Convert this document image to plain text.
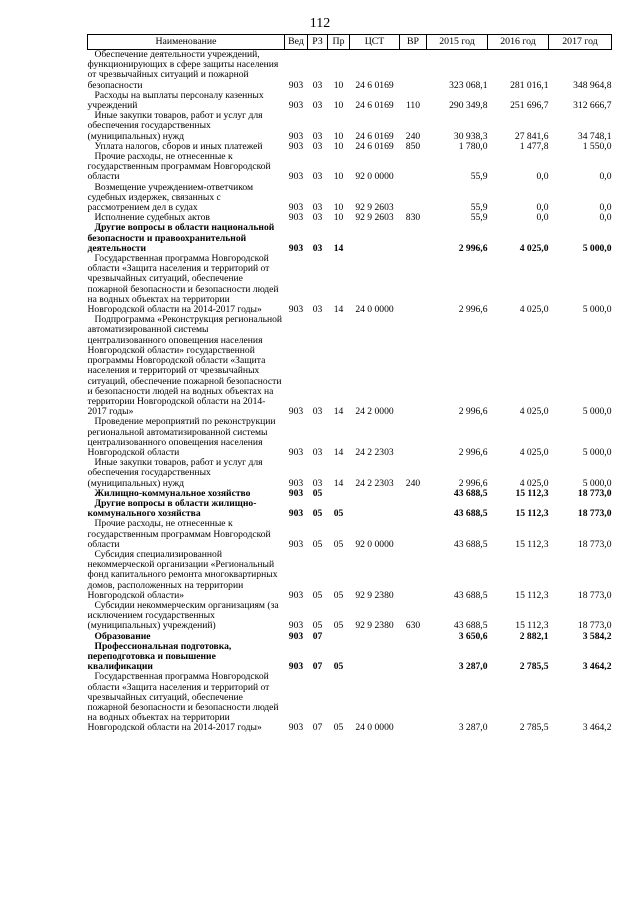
112
Наименование	Вед	РЗ	Пр	ЦСТ	ВР	2015 год	2016 год	2017 год
Обеспечение деятельности учреждений, функционирующих в сфере защиты населения от чрезвычайных ситуаций и пожарной безопасности	903	03	10	24 6 0169		323 068,1	281 016,1	348 964,8
Расходы на выплаты персоналу казенных учреждений	903	03	10	24 6 0169	110	290 349,8	251 696,7	312 666,7
Иные закупки товаров, работ и услуг для обеспечения государственных (муниципальных) нужд	903	03	10	24 6 0169	240	30 938,3	27 841,6	34 748,1
Уплата налогов, сборов и иных платежей	903	03	10	24 6 0169	850	1 780,0	1 477,8	1 550,0
Прочие расходы, не отнесенные к государственным программам Новгородской области	903	03	10	92 0 0000		55,9	0,0	0,0
Возмещение учреждением-ответчиком судебных издержек, связанных с рассмотрением дел в судах	903	03	10	92 9 2603		55,9	0,0	0,0
Исполнение судебных актов	903	03	10	92 9 2603	830	55,9	0,0	0,0
Другие вопросы в области национальной безопасности и правоохранительной деятельности	903	03	14			2 996,6	4 025,0	5 000,0
Государственная программа Новгородской области «Защита населения и территорий от чрезвычайных ситуаций, обеспечение пожарной безопасности и безопасности людей на водных объектах на территории Новгородской области на 2014-2017 годы»	903	03	14	24 0 0000		2 996,6	4 025,0	5 000,0
Подпрограмма «Реконструкция региональной автоматизированной системы централизованного оповещения населения Новгородской области» государственной программы Новгородской области «Защита населения и территорий от чрезвычайных ситуаций, обеспечение пожарной безопасности и безопасности людей на водных объектах на территории Новгородской области на 2014-2017 годы»	903	03	14	24 2 0000		2 996,6	4 025,0	5 000,0
Проведение мероприятий по реконструкции региональной автоматизированной системы централизованного оповещения населения Новгородской области	903	03	14	24 2 2303		2 996,6	4 025,0	5 000,0
Иные закупки товаров, работ и услуг для обеспечения государственных (муниципальных) нужд	903	03	14	24 2 2303	240	2 996,6	4 025,0	5 000,0
Жилищно-коммунальное хозяйство	903	05				43 688,5	15 112,3	18 773,0
Другие вопросы в области жилищно-коммунального хозяйства	903	05	05			43 688,5	15 112,3	18 773,0
Прочие расходы, не отнесенные к государственным программам Новгородской области	903	05	05	92 0 0000		43 688,5	15 112,3	18 773,0
Субсидия специализированной некоммерческой организации «Региональный фонд капитального ремонта многоквартирных домов, расположенных на территории Новгородской области»	903	05	05	92 9 2380		43 688,5	15 112,3	18 773,0
Субсидии некоммерческим организациям (за исключением государственных (муниципальных) учреждений)	903	05	05	92 9 2380	630	43 688,5	15 112,3	18 773,0
Образование	903	07				3 650,6	2 882,1	3 584,2
Профессиональная подготовка, переподготовка и повышение квалификации	903	07	05			3 287,0	2 785,5	3 464,2
Государственная программа Новгородской области «Защита населения и территорий от чрезвычайных ситуаций, обеспечение пожарной безопасности и безопасности людей на водных объектах на территории Новгородской области на 2014-2017 годы»	903	07	05	24 0 0000		3 287,0	2 785,5	3 464,2
